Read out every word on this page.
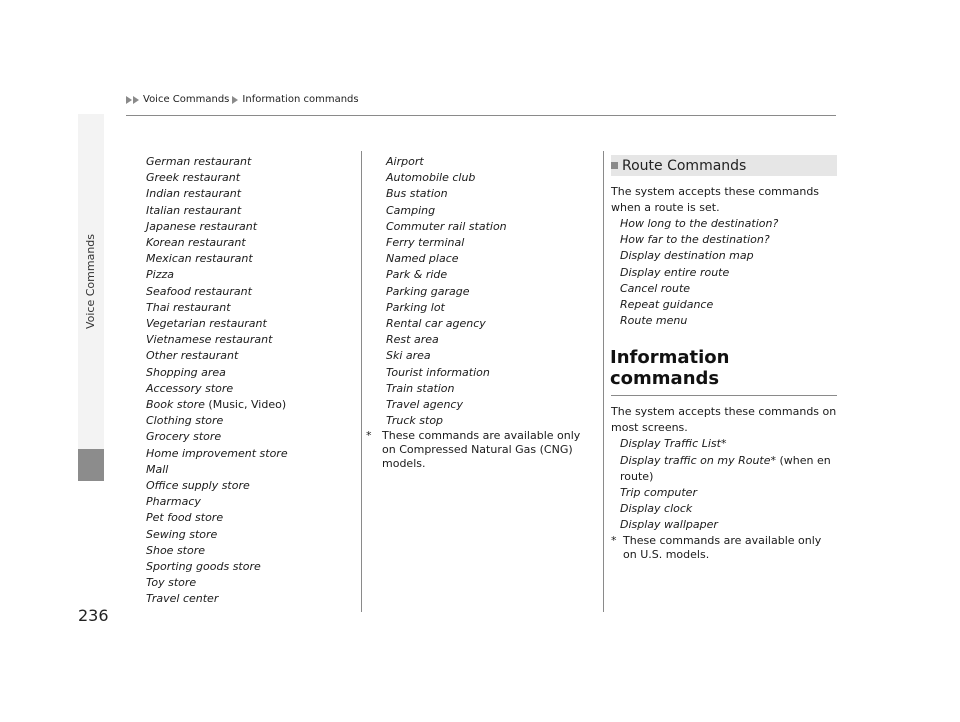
Voice Commands Information commands
Voice Commands
236
German restaurant
Greek restaurant
Indian restaurant
Italian restaurant
Japanese restaurant
Korean restaurant
Mexican restaurant
Pizza
Seafood restaurant
Thai restaurant
Vegetarian restaurant
Vietnamese restaurant
Other restaurant
Shopping area
Accessory store
Book store (Music, Video)
Clothing store
Grocery store
Home improvement store
Mall
Office supply store
Pharmacy
Pet food store
Sewing store
Shoe store
Sporting goods store
Toy store
Travel center
Airport
Automobile club
Bus station
Camping
Commuter rail station
Ferry terminal
Named place
Park & ride
Parking garage
Parking lot
Rental car agency
Rest area
Ski area
Tourist information
Train station
Travel agency
Truck stop
* These commands are available only on Compressed Natural Gas (CNG) models.
Route Commands

The system accepts these commands when a route is set.

How long to the destination?
How far to the destination?
Display destination map
Display entire route
Cancel route
Repeat guidance
Route menu
Information commands

The system accepts these commands on most screens.

Display Traffic List*
Display traffic on my Route* (when en route)
Trip computer
Display clock
Display wallpaper
* These commands are available only on U.S. models.
